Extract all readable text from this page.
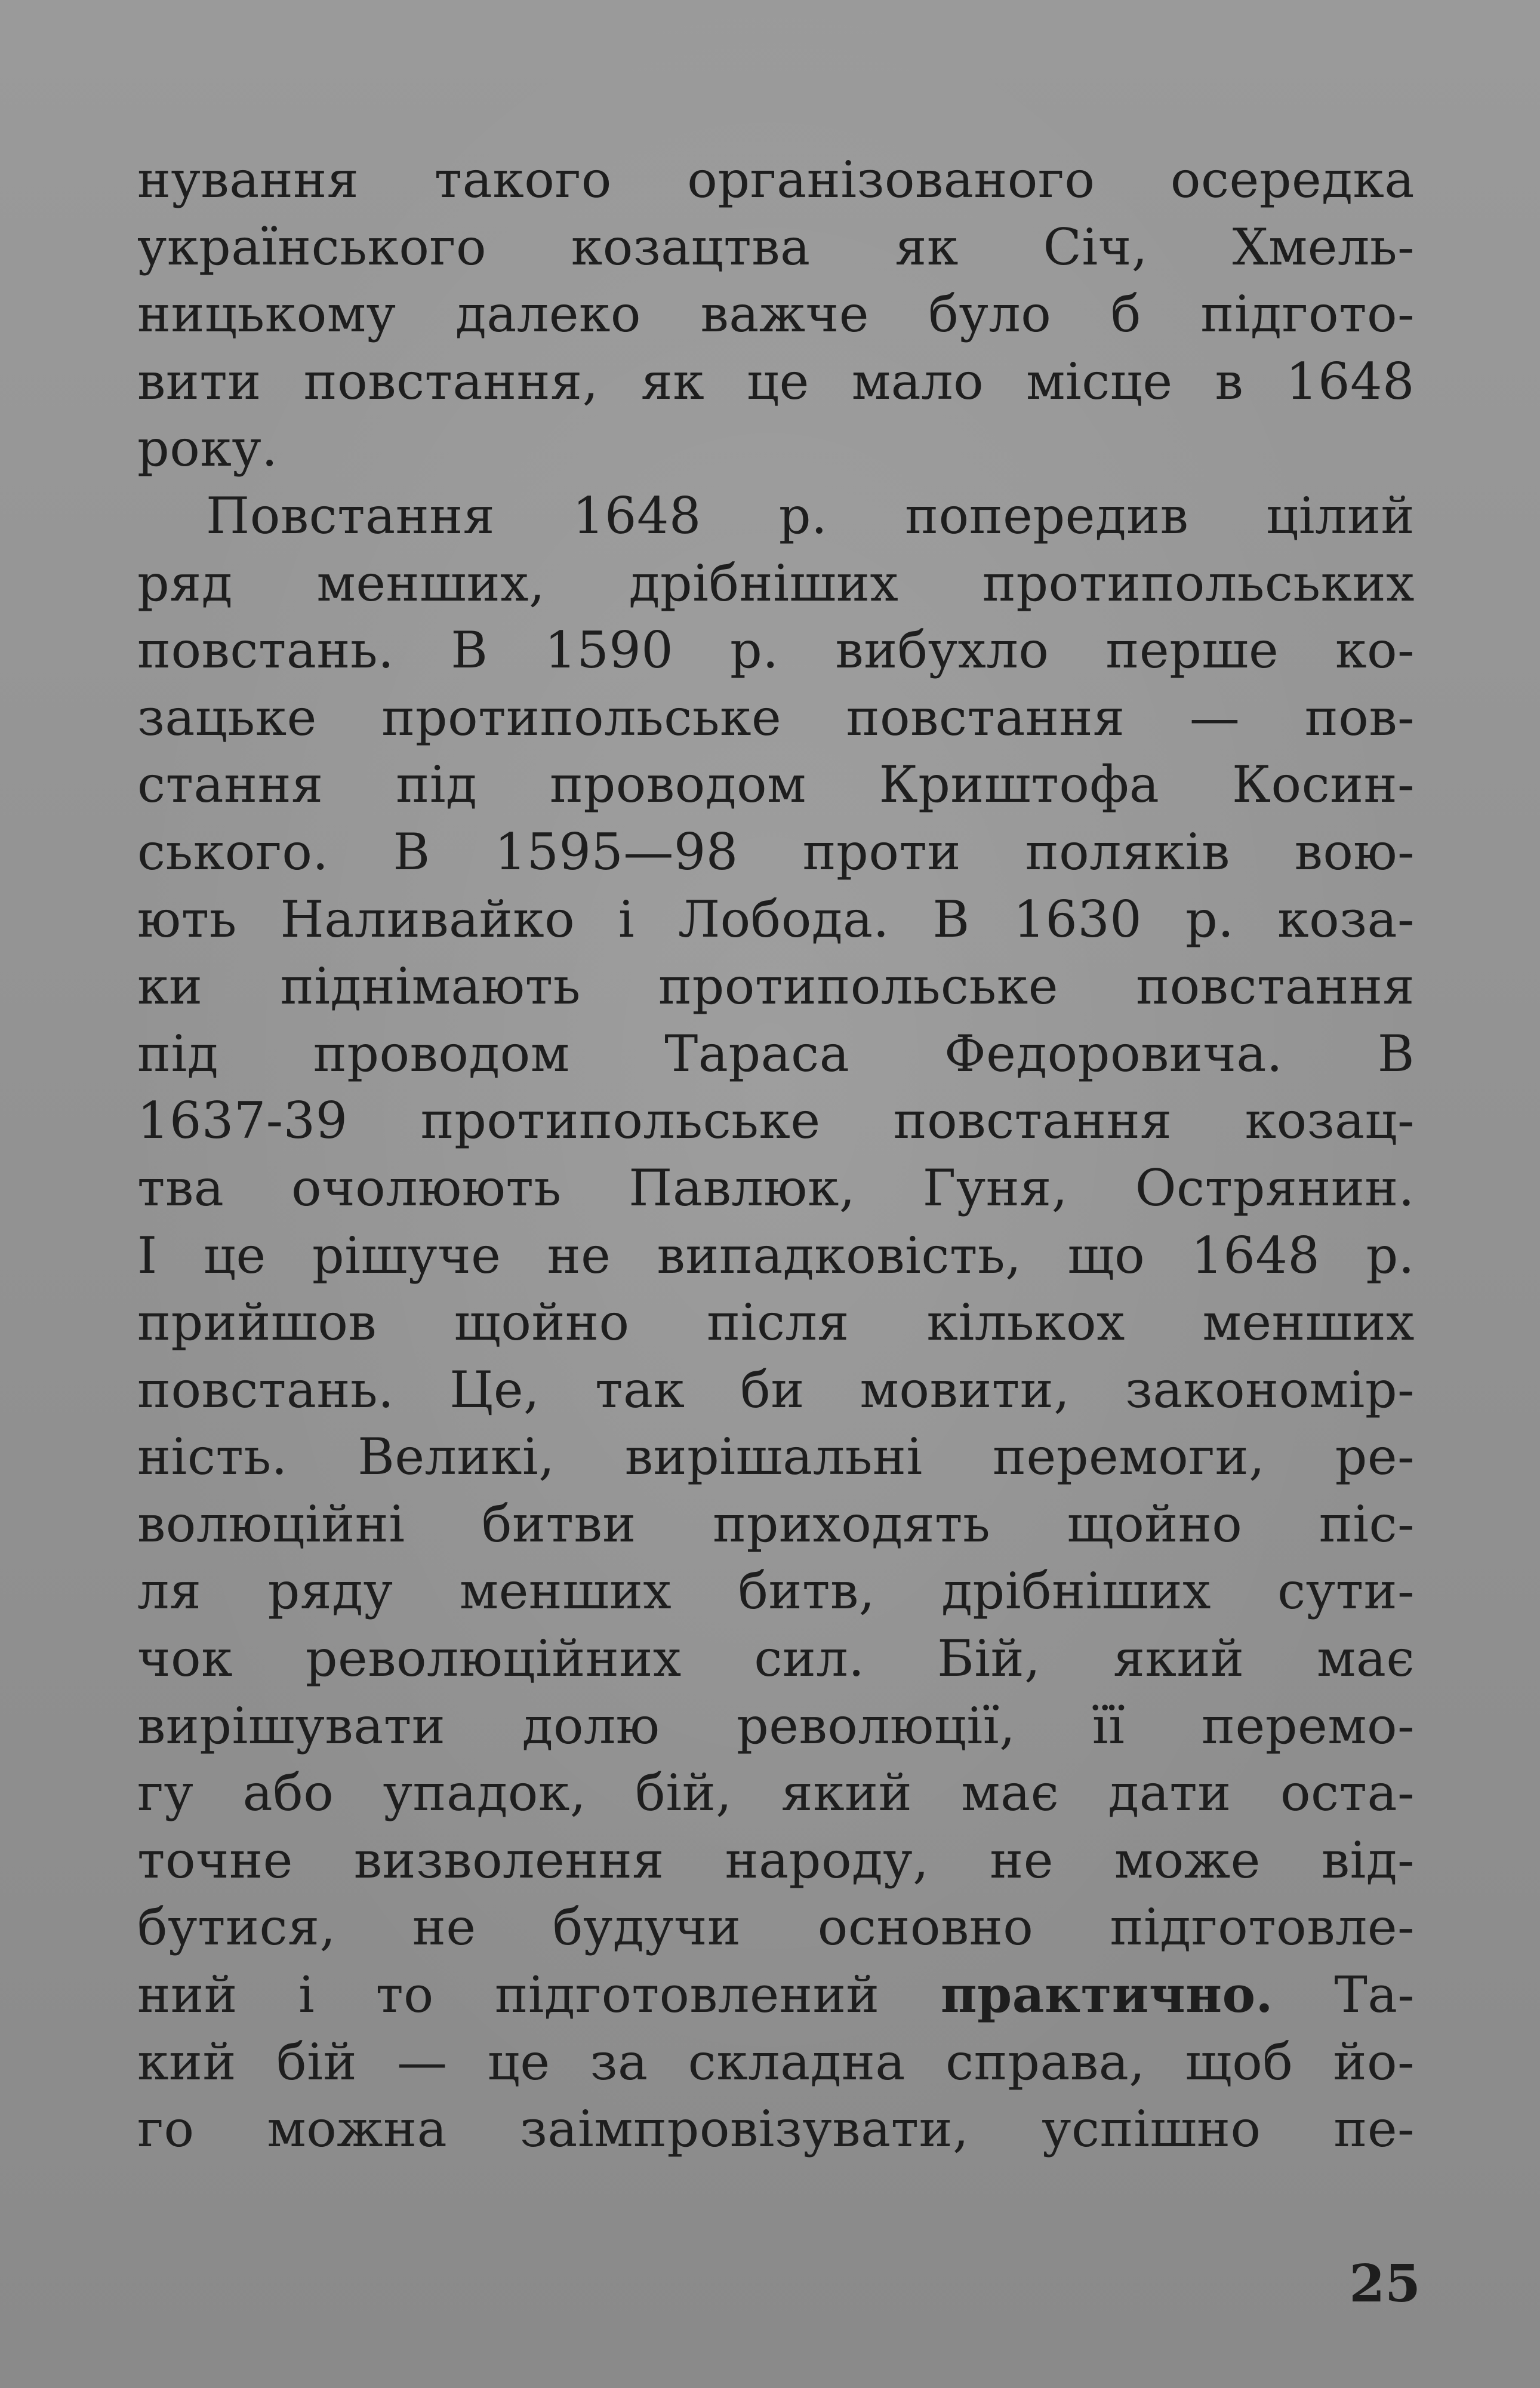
нування такого організованого осередка
українського козацтва як Січ, Хмель-
ницькому далеко важче було б підгото-
вити повстання, як це мало місце в 1648
року.
Повстання 1648 р. попередив цілий
ряд менших, дрібніших протипольських
повстань. В 1590 р. вибухло перше ко-
зацьке протипольське повстання — пов-
стання під проводом Криштофа Косин-
ського. В 1595—98 проти поляків вою-
ють Наливайко і Лобода. В 1630 р. коза-
ки піднімають протипольське повстання
під проводом Тараса Федоровича. В
1637-39 протипольське повстання козац-
тва очолюють Павлюк, Гуня, Острянин.
І це рішуче не випадковість, що 1648 р.
прийшов щойно після кількох менших
повстань. Це, так би мовити, закономір-
ність. Великі, вирішальні перемоги, ре-
волюційні битви приходять щойно піс-
ля ряду менших битв, дрібніших сути-
чок революційних сил. Бій, який має
вирішувати долю революції, її перемо-
гу або упадок, бій, який має дати оста-
точне визволення народу, не може від-
бутися, не будучи основно підготовле-
ний і то підготовлений практично. Та-
кий бій — це за складна справа, щоб йо-
го можна заімпровізувати, успішно пе-
25
